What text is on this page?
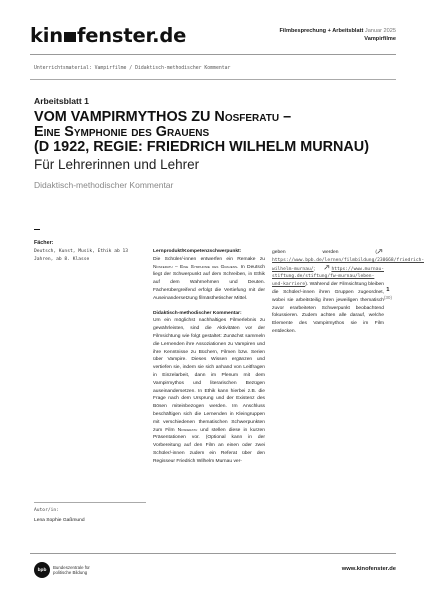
kin fenster.de	Filmbesprechung + Arbeitsblatt Januar 2025
Vampirfilme
Unterrichtsmaterial: Vampirfilme / Didaktisch-methodischer Kommentar
Arbeitsblatt 1
VOM VAMPIRMYTHOS ZU Nosferatu –
Eine Symphonie des Grauens
(D 1922, REGIE: FRIEDRICH WILHELM MURNAU)
Für Lehrerinnen und Lehrer
Didaktisch-methodischer Kommentar
Fächer:
Deutsch, Kunst, Musik, Ethik ab 13 Jahren, ab 8. Klasse
Lernprodukt/Kompetenzschwerpunkt:

Die Schüler/-innen entwerfen ein Remake zu Nosferatu – Eine Symphonie des Grauens. In Deutsch liegt der Schwerpunkt auf dem Schreiben, in Ethik auf dem Wahrnehmen und Deuten. Fächerübergreifend erfolgt die Vertiefung mit der Auseinandersetzung filmästhetischer Mittel.

Didaktisch-methodischer Kommentar:

Um ein möglichst nachhaltiges Filmerlebnis zu gewährleisten, sind die Aktivitäten vor der Filmsichtung wie folgt gestaltet: Zunächst sammeln die Lernenden ihre Assoziationen zu Vampiren und ihre Kenntnisse zu Büchern, Filmen bzw. Serien über Vampire. Dieses Wissen ergänzen und vertiefen sie, indem sie sich anhand von Leitfragen in Einzelarbeit, dann im Plenum mit dem Vampirmythos und literarischen Bezügen auseinandersetzen. In Ethik kann hierbei z.B. die Frage nach dem Ursprung und der Existenz des Bösen miteinbezogen werden. Im Anschluss beschäftigen sich die Lernenden in Kleingruppen mit verschiedenen thematischen Schwerpunkten zum Film Nosferatu und stellen diese in kurzen Präsentationen vor. (Optional kann in der Vorbereitung auf den Film an einen oder zwei Schüler/-innen zudem ein Referat über den Regisseur Friedrich Wilhelm Murnau ver-

geben werden (https://www.bpb.de/lernen/filmbildung/230668/friedrich-wilhelm-murnau/; https://www.murnau-stiftung.de/stiftung/fw-murnau/leben-und-karriere). Während der Filmsichtung bleiben die Schüler/-innen ihren Gruppen zugeordnet, wobei sie arbeitsteilig ihren jeweiligen thematisch zuvor erarbeiteten Schwerpunkt beobachtend fokussieren. Zudem achten alle darauf, welche Elemente des Vampirmythos sie im Film entdecken.

1
(30)
Autor/in:
Lena Sophie Gaßmund
bpb
Bundeszentrale für
politische Bildung
www.kinofenster.de
